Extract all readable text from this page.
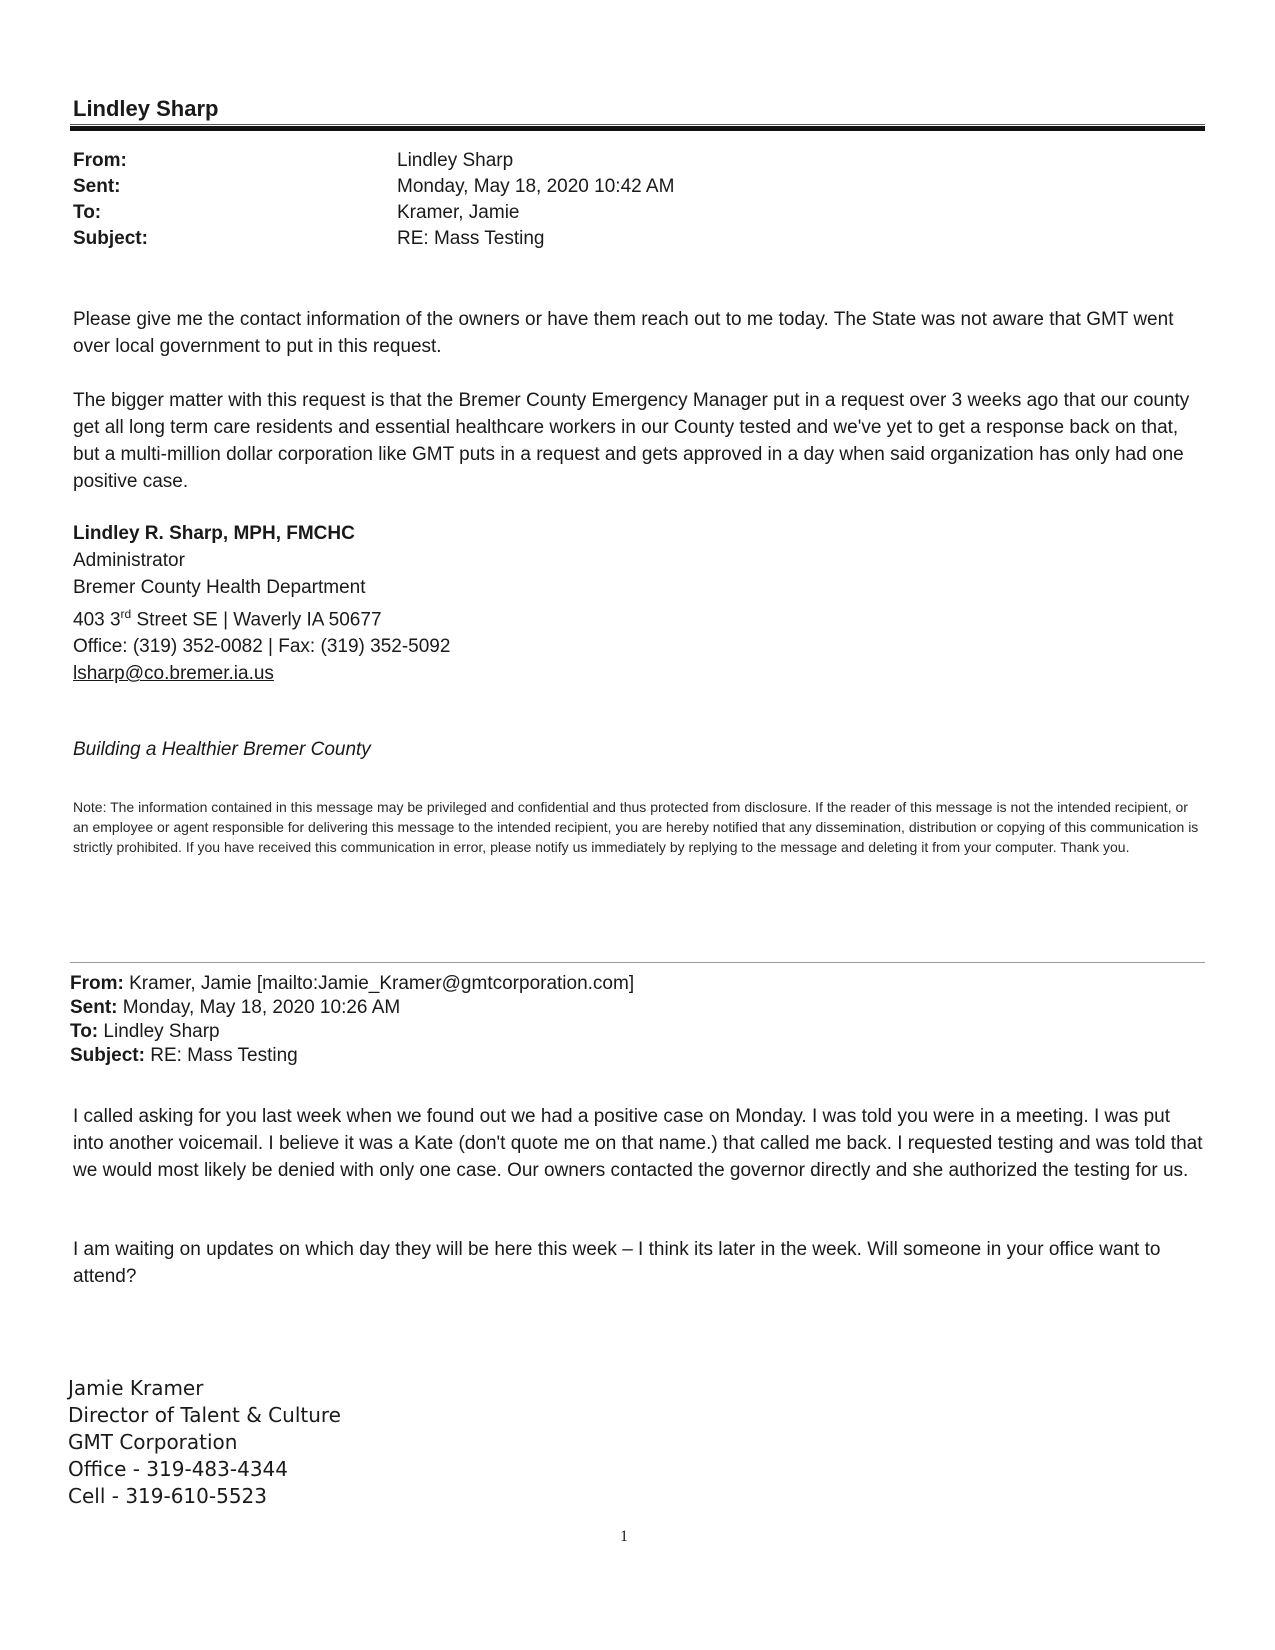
Lindley Sharp
From:	Lindley Sharp
Sent:	Monday, May 18, 2020 10:42 AM
To:	Kramer, Jamie
Subject:	RE: Mass Testing
Please give me the contact information of the owners or have them reach out to me today. The State was not aware that GMT went over local government to put in this request.
The bigger matter with this request is that the Bremer County Emergency Manager put in a request over 3 weeks ago that our county get all long term care residents and essential healthcare workers in our County tested and we've yet to get a response back on that, but a multi-million dollar corporation like GMT puts in a request and gets approved in a day when said organization has only had one positive case.
Lindley R. Sharp, MPH, FMCHC
Administrator
Bremer County Health Department
403 3rd Street SE | Waverly IA 50677
Office: (319) 352-0082 | Fax: (319) 352-5092
lsharp@co.bremer.ia.us
Building a Healthier Bremer County
Note: The information contained in this message may be privileged and confidential and thus protected from disclosure. If the reader of this message is not the intended recipient, or an employee or agent responsible for delivering this message to the intended recipient, you are hereby notified that any dissemination, distribution or copying of this communication is strictly prohibited. If you have received this communication in error, please notify us immediately by replying to the message and deleting it from your computer. Thank you.
From: Kramer, Jamie [mailto:Jamie_Kramer@gmtcorporation.com]
Sent: Monday, May 18, 2020 10:26 AM
To: Lindley Sharp
Subject: RE: Mass Testing
I called asking for you last week when we found out we had a positive case on Monday. I was told you were in a meeting. I was put into another voicemail. I believe it was a Kate (don't quote me on that name.) that called me back. I requested testing and was told that we would most likely be denied with only one case. Our owners contacted the governor directly and she authorized the testing for us.
I am waiting on updates on which day they will be here this week – I think its later in the week. Will someone in your office want to attend?
Jamie Kramer
Director of Talent & Culture
GMT Corporation
Office - 319-483-4344
Cell - 319-610-5523
1
